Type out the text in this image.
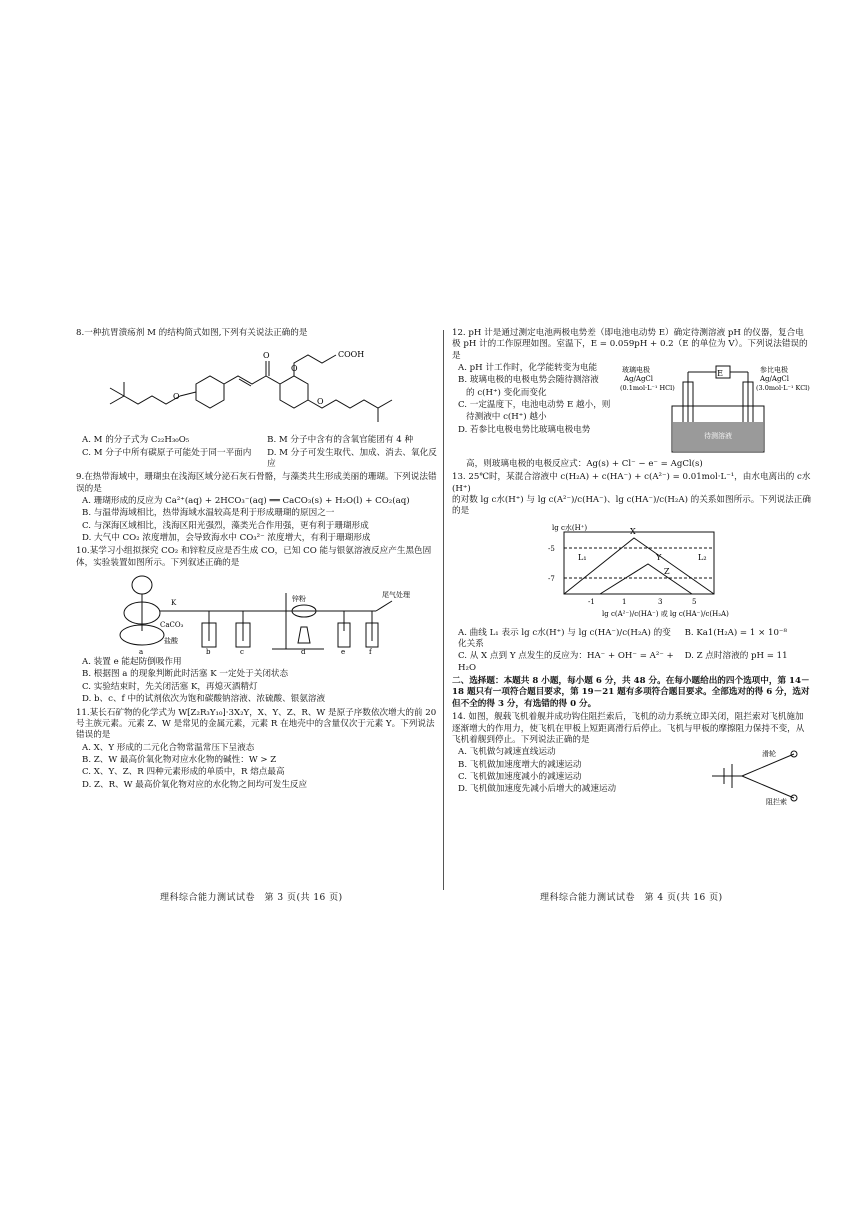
8.一种抗胃溃疡剂 M 的结构简式如图,下列有关说法正确的是
O
O
O
O
COOH
A. M 的分子式为 C₂₂H₃₀O₅	B. M 分子中含有的含氧官能团有 4 种
C. M 分子中所有碳原子可能处于同一平面内 D. M 分子可发生取代、加成、消去、氧化反应
9.在热带海域中，珊瑚虫在浅海区域分泌石灰石骨骼，与藻类共生形成美丽的珊瑚。下列说法错误的是
A. 珊瑚形成的反应为 Ca²⁺(aq) + 2HCO₃⁻(aq) ══ CaCO₃(s) + H₂O(l) + CO₂(aq)
B. 与温带海域相比，热带海域水温较高是利于形成珊瑚的原因之一
C. 与深海区域相比，浅海区阳光强烈，藻类光合作用强，更有利于珊瑚形成
D. 大气中 CO₂ 浓度增加，会导致海水中 CO₃²⁻ 浓度增大，有利于珊瑚形成
10.某学习小组拟探究 CO₂ 和锌粒反应是否生成 CO，已知 CO 能与银氨溶液反应产生黑色固体，实验装置如图所示。下列叙述正确的是
K	锌粉	尾气处理
CaCO₃
盐酸
a	b	c	d	e	f
A. 装置 e 能起防倒吸作用
B. 根据图 a 的现象判断此时活塞 K 一定处于关闭状态
C. 实验结束时，先关闭活塞 K，再熄灭酒精灯
D. b、c、f 中的试剂依次为饱和碳酸钠溶液、浓硫酸、银氨溶液
11.某长石矿物的化学式为 W[Z₂R₃Y₁₀]·3X₂Y，X、Y、Z、R、W 是原子序数依次增大的前 20 号主族元素。元素 Z、W 是常见的金属元素，元素 R 在地壳中的含量仅次于元素 Y。下列说法错误的是
A. X、Y 形成的二元化合物常温常压下呈液态
B. Z、W 最高价氧化物对应水化物的碱性：W > Z
C. X、Y、Z、R 四种元素形成的单质中，R 熔点最高
D. Z、R、W 最高价氧化物对应的水化物之间均可发生反应
理科综合能力测试试卷　第 3 页(共 16 页)
12. pH 计是通过测定电池两极电势差（即电池电动势 E）确定待测溶液 pH 的仪器，复合电极 pH 计的工作原理如图。室温下，E = 0.059pH + 0.2（E 的单位为 V）。下列说法错误的是
A. pH 计工作时，化学能转变为电能
B. 玻璃电极的电极电势会随待测溶液
的 c(H⁺) 变化而变化
C. 一定温度下，电池电动势 E 越小，则
待测液中 c(H⁺) 越小
D. 若参比电极电势比玻璃电极电势
E
玻璃电极
Ag/AgCl
(0.1mol·L⁻¹ HCl)
参比电极
Ag/AgCl
(3.0mol·L⁻¹ KCl)
待测溶液
高，则玻璃电极的电极反应式：Ag(s) + Cl⁻ − e⁻ = AgCl(s)
13. 25℃时，某混合溶液中 c(H₂A) + c(HA⁻) + c(A²⁻) = 0.01mol·L⁻¹，由水电离出的 c水(H⁺)
的对数 lg c水(H⁺) 与 lg c(A²⁻)/c(HA⁻)、lg c(HA⁻)/c(H₂A) 的关系如图所示。下列说法正确的是
lg c水(H⁺)
-5
-7
-1	1	3	5
lg c(A²⁻)/c(HA⁻) 或 lg c(HA⁻)/c(H₂A)
L₁	L₂
X
Y
Z
A. 曲线 L₁ 表示 lg c水(H⁺) 与 lg c(HA⁻)/c(H₂A) 的变化关系
B. Ka1(H₂A) = 1 × 10⁻⁸
C. 从 X 点到 Y 点发生的反应为：HA⁻ + OH⁻ = A²⁻ + H₂O
D. Z 点时溶液的 pH = 11
二、选择题：本题共 8 小题，每小题 6 分，共 48 分。在每小题给出的四个选项中，第 14－18 题只有一项符合题目要求，第 19－21 题有多项符合题目要求。全部选对的得 6 分，选对但不全的得 3 分，有选错的得 0 分。
14. 如图，舰载飞机着舰并成功钩住阻拦索后，飞机的动力系统立即关闭，阻拦索对飞机施加逐渐增大的作用力，使飞机在甲板上短距离滑行后停止。飞机与甲板的摩擦阻力保持不变，从飞机着舰到停止。下列说法正确的是
A. 飞机做匀减速直线运动
B. 飞机做加速度增大的减速运动
C. 飞机做加速度减小的减速运动
D. 飞机做加速度先减小后增大的减速运动
滑轮
阻拦索
理科综合能力测试试卷　第 4 页(共 16 页)
